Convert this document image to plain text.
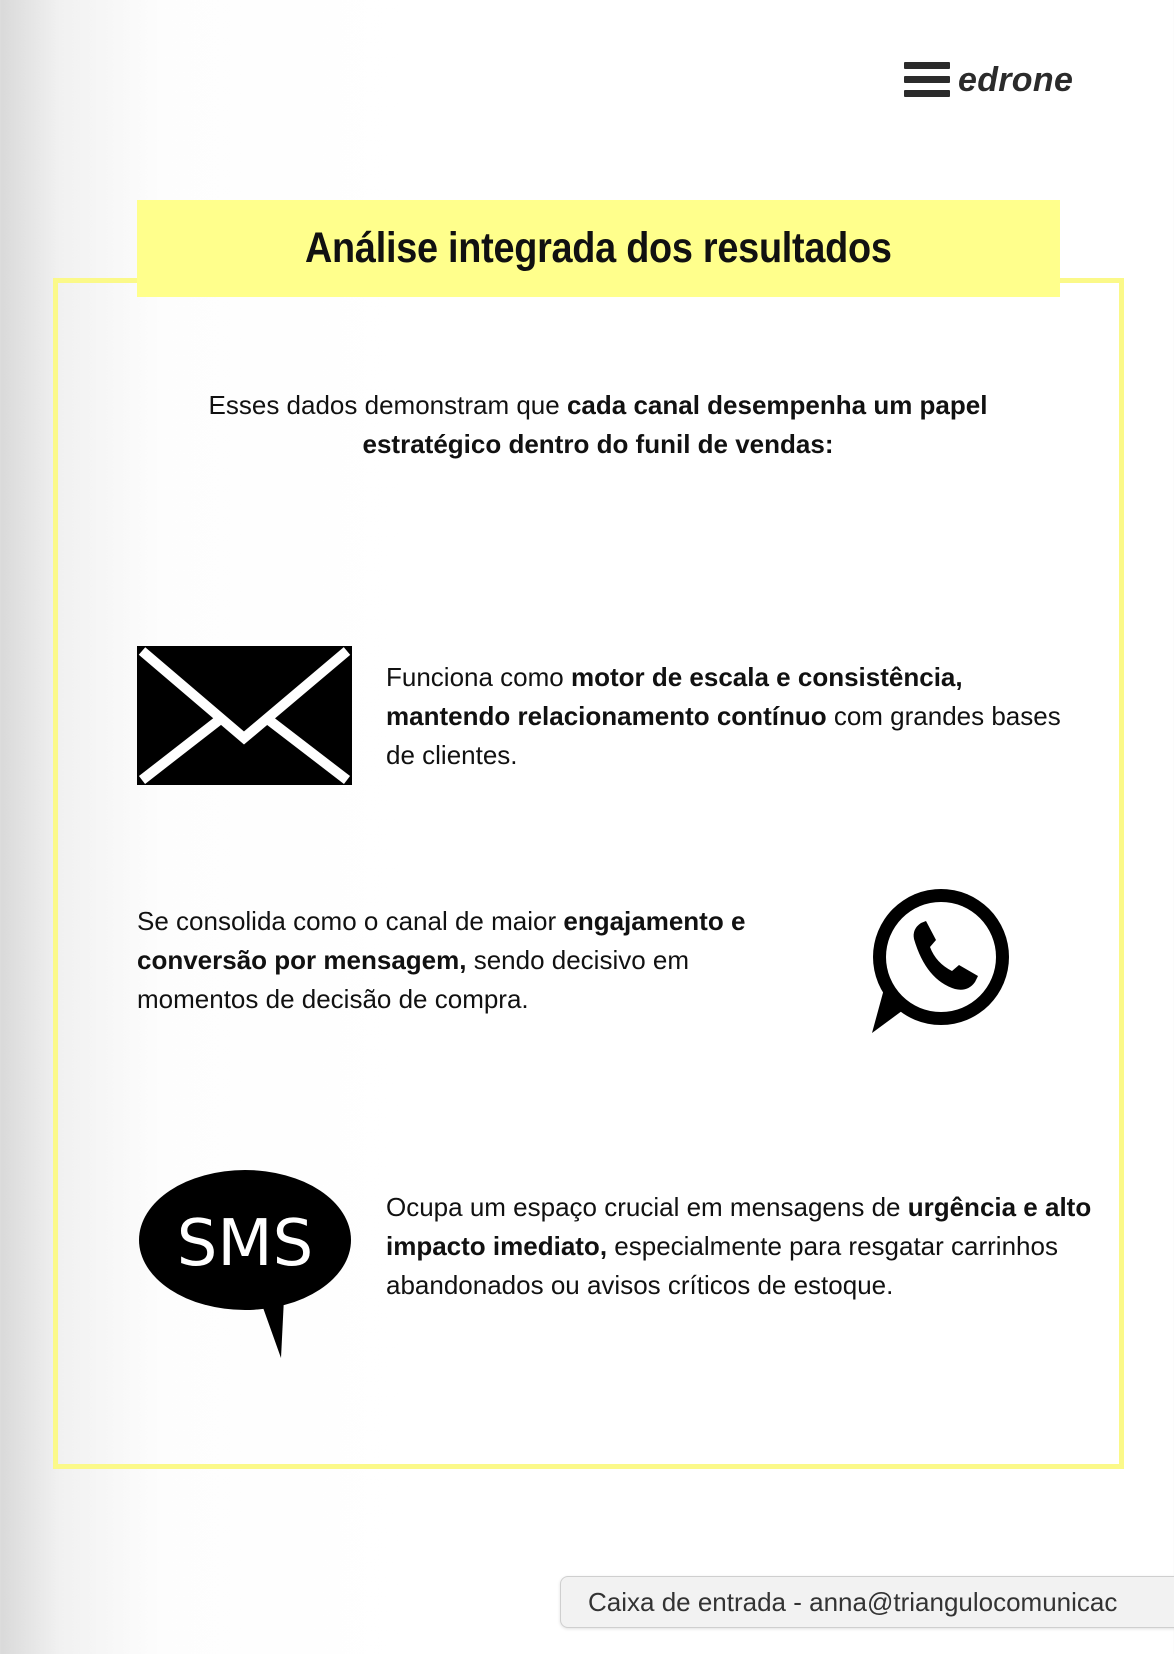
edrone
Análise integrada dos resultados
Esses dados demonstram que cada canal desempenha um papel estratégico dentro do funil de vendas:
Funciona como motor de escala e consistência, mantendo relacionamento contínuo com grandes bases de clientes.
Se consolida como o canal de maior engajamento e conversão por mensagem, sendo decisivo em momentos de decisão de compra.
SMS	Ocupa um espaço crucial em mensagens de urgência e alto impacto imediato, especialmente para resgatar carrinhos abandonados ou avisos críticos de estoque.
Caixa de entrada - anna@triangulocomunicac
